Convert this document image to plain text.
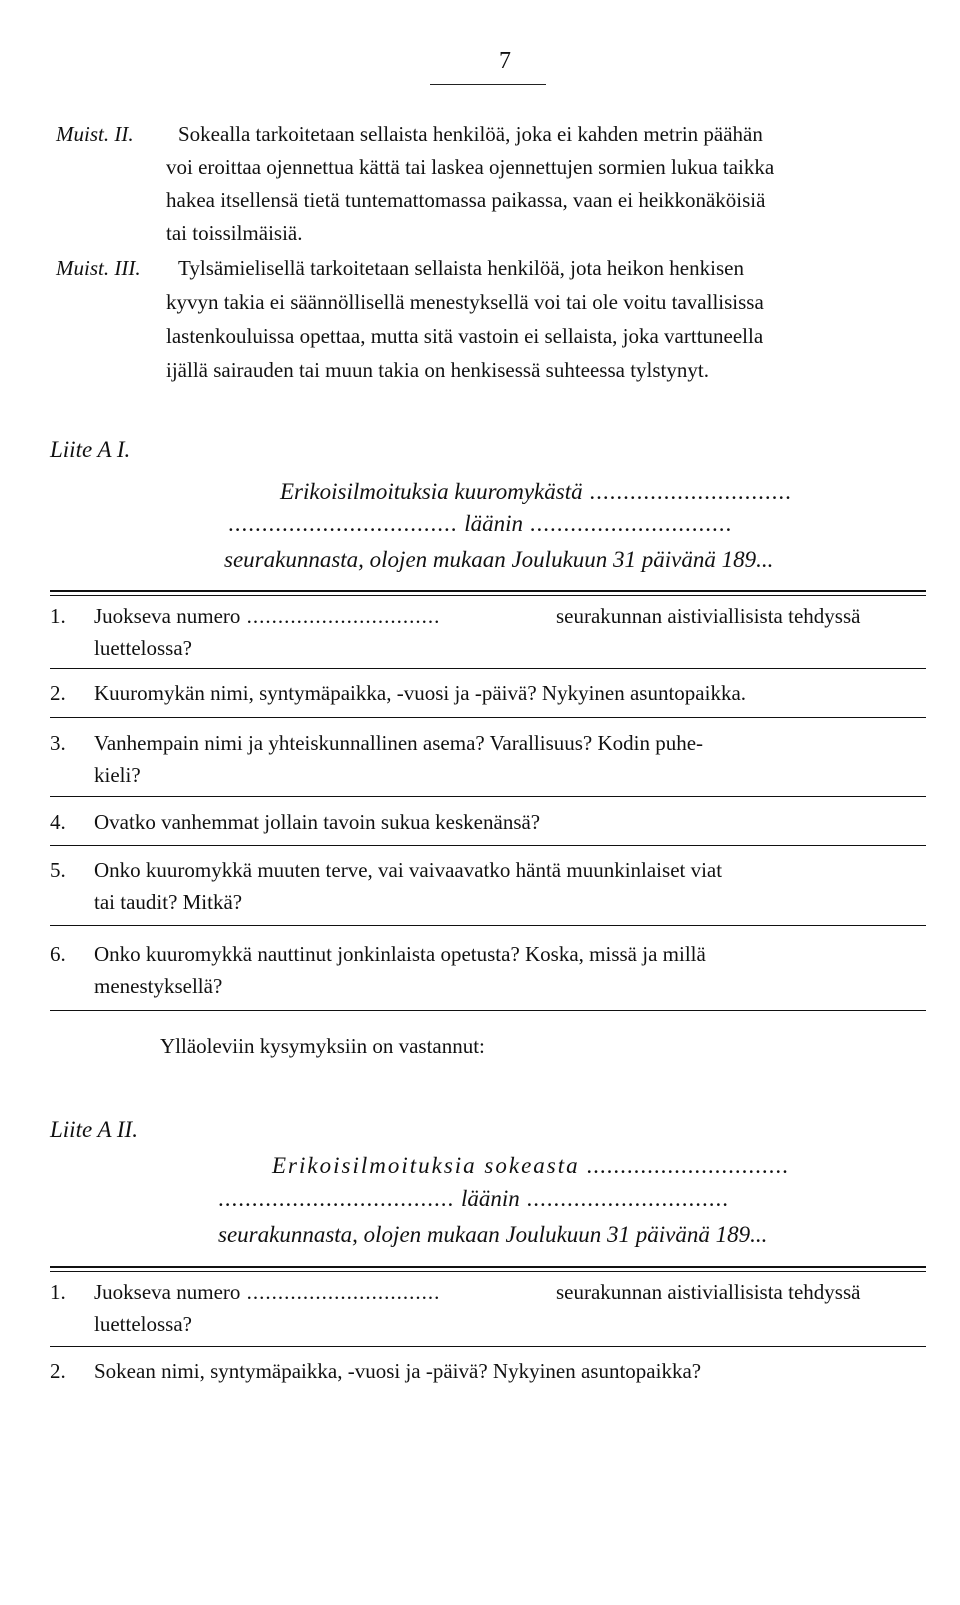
7
Muist. II. Sokealla tarkoitetaan sellaista henkilöä, joka ei kahden metrin päähän
voi eroittaa ojennettua kättä tai laskea ojennettujen sormien lukua taikka
hakea itsellensä tietä tuntemattomassa paikassa, vaan ei heikkonäköisiä
tai toissilmäisiä.
Muist. III. Tylsämielisellä tarkoitetaan sellaista henkilöä, jota heikon henkisen
kyvyn takia ei säännöllisellä menestyksellä voi tai ole voitu tavallisissa
lastenkouluissa opettaa, mutta sitä vastoin ei sellaista, joka varttuneella
ijällä sairauden tai muun takia on henkisessä suhteessa tylstynyt.
Liite A I.
Erikoisilmoituksia kuuromykästä ..............................
.................................. läänin ..............................
seurakunnasta, olojen mukaan Joulukuun 31 päivänä 189...
1. Juokseva numero ...............................	seurakunnan aistiviallisista tehdyssä
luettelossa?
2. Kuuromykän nimi, syntymäpaikka, -vuosi ja -päivä? Nykyinen asuntopaikka.
3. Vanhempain nimi ja yhteiskunnallinen asema? Varallisuus? Kodin puhe-
kieli?
4. Ovatko vanhemmat jollain tavoin sukua keskenänsä?
5. Onko kuuromykkä muuten terve, vai vaivaavatko häntä muunkinlaiset viat
tai taudit? Mitkä?
6. Onko kuuromykkä nauttinut jonkinlaista opetusta? Koska, missä ja millä
menestyksellä?
Ylläoleviin kysymyksiin on vastannut:
Liite A II.
Erikoisilmoituksia sokeasta ..............................
................................... läänin ..............................
seurakunnasta, olojen mukaan Joulukuun 31 päivänä 189...
1. Juokseva numero ...............................	seurakunnan aistiviallisista tehdyssä
luettelossa?
2. Sokean nimi, syntymäpaikka, -vuosi ja -päivä? Nykyinen asuntopaikka?
